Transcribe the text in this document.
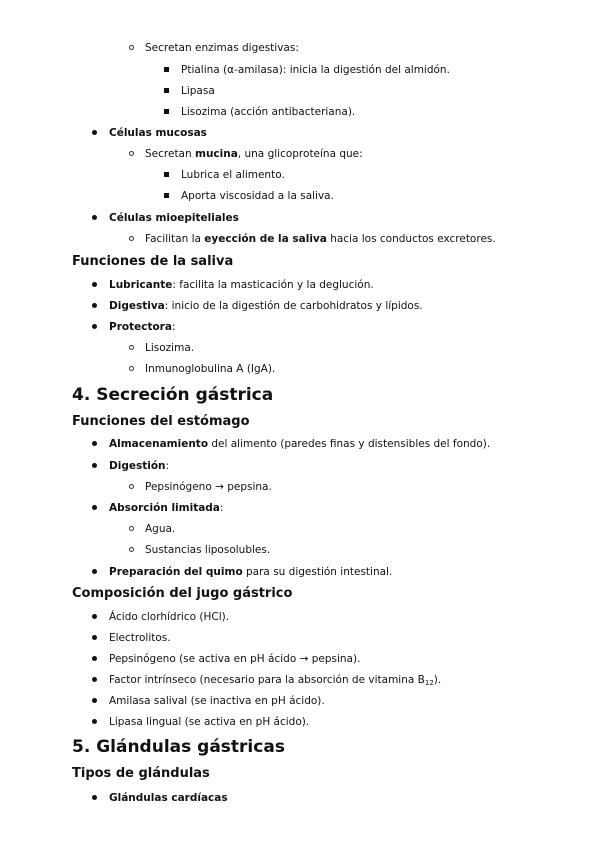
Secretan enzimas digestivas:
Ptialina (α-amilasa): inicia la digestión del almidón.
Lipasa
Lisozima (acción antibacteriana).
Células mucosas
Secretan mucina, una glicoproteína que:
Lubrica el alimento.
Aporta viscosidad a la saliva.
Células mioepiteliales
Facilitan la eyección de la saliva hacia los conductos excretores.
Funciones de la saliva
Lubricante: facilita la masticación y la deglución.
Digestiva: inicio de la digestión de carbohidratos y lípidos.
Protectora:
Lisozima.
Inmunoglobulina A (IgA).
4. Secreción gástrica
Funciones del estómago
Almacenamiento del alimento (paredes finas y distensibles del fondo).
Digestión:
Pepsinógeno → pepsina.
Absorción limitada:
Agua.
Sustancias liposolubles.
Preparación del quimo para su digestión intestinal.
Composición del jugo gástrico
Ácido clorhídrico (HCl).
Electrolitos.
Pepsinógeno (se activa en pH ácido → pepsina).
Factor intrínseco (necesario para la absorción de vitamina $B_{12}$).
Amilasa salival (se inactiva en pH ácido).
Lipasa lingual (se activa en pH ácido).
5. Glándulas gástricas
Tipos de glándulas
Glándulas cardíacas
